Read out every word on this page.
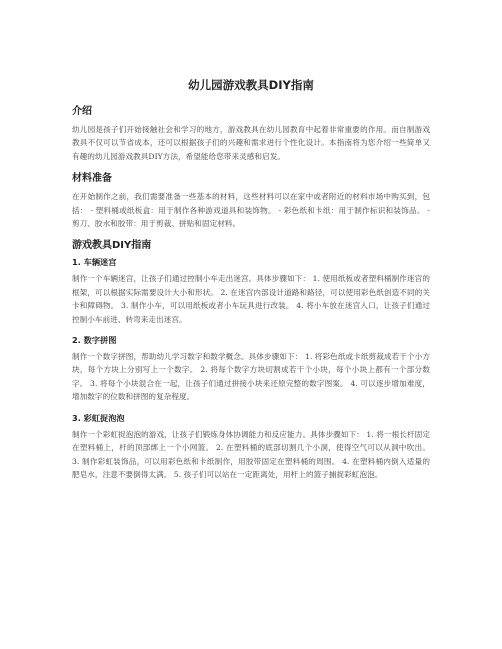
幼儿园游戏教具DIY指南
介绍
幼儿园是孩子们开始接触社会和学习的地方，游戏教具在幼儿园教育中起着非常重要的作用。而自制游戏教具不仅可以节省成本，还可以根据孩子们的兴趣和需求进行个性化设计。本指南将为您介绍一些简单又有趣的幼儿园游戏教具DIY方法，希望能给您带来灵感和启发。
材料准备
在开始制作之前，我们需要准备一些基本的材料，这些材料可以在家中或者附近的材料市场中购买到，包括： - 塑料桶或纸板盒：用于制作各种游戏道具和装饰物。 - 彩色纸和卡纸：用于制作标识和装饰品。 - 剪刀、胶水和胶带：用于剪裁、拼贴和固定材料。
游戏教具DIY指南
1. 车辆迷宫
制作一个车辆迷宫，让孩子们通过控制小车走出迷宫。具体步骤如下： 1. 使用纸板或者塑料桶制作迷宫的框架，可以根据实际需要设计大小和形状。 2. 在迷宫内部设计道路和路径，可以使用彩色纸创造不同的关卡和障碍物。 3. 制作小车，可以用纸板或者小车玩具进行改装。 4. 将小车放在迷宫入口，让孩子们通过控制小车前进、转弯来走出迷宫。
2. 数字拼图
制作一个数字拼图，帮助幼儿学习数字和数学概念。具体步骤如下： 1. 将彩色纸或卡纸剪裁成若干个小方块，每个方块上分别写上一个数字。 2. 将每个数字方块切割成若干个小块，每个小块上都有一个部分数字。 3. 将每个小块混合在一起，让孩子们通过拼接小块来还原完整的数字图案。 4. 可以逐步增加难度，增加数字的位数和拼图的复杂程度。
3. 彩虹捉泡泡
制作一个彩虹捉泡泡的游戏，让孩子们锻炼身体协调能力和反应能力。具体步骤如下： 1. 将一根长杆固定在塑料桶上，杆的顶部绑上一个小网篮。 2. 在塑料桶的底部切割几个小洞，使得空气可以从洞中吹出。 3. 制作彩虹装饰品，可以用彩色纸和卡纸制作，用胶带固定在塑料桶的周围。 4. 在塑料桶内倒入适量的肥皂水，注意不要倒得太满。 5. 孩子们可以站在一定距离处，用杆上的篮子捕捉彩虹泡泡。
